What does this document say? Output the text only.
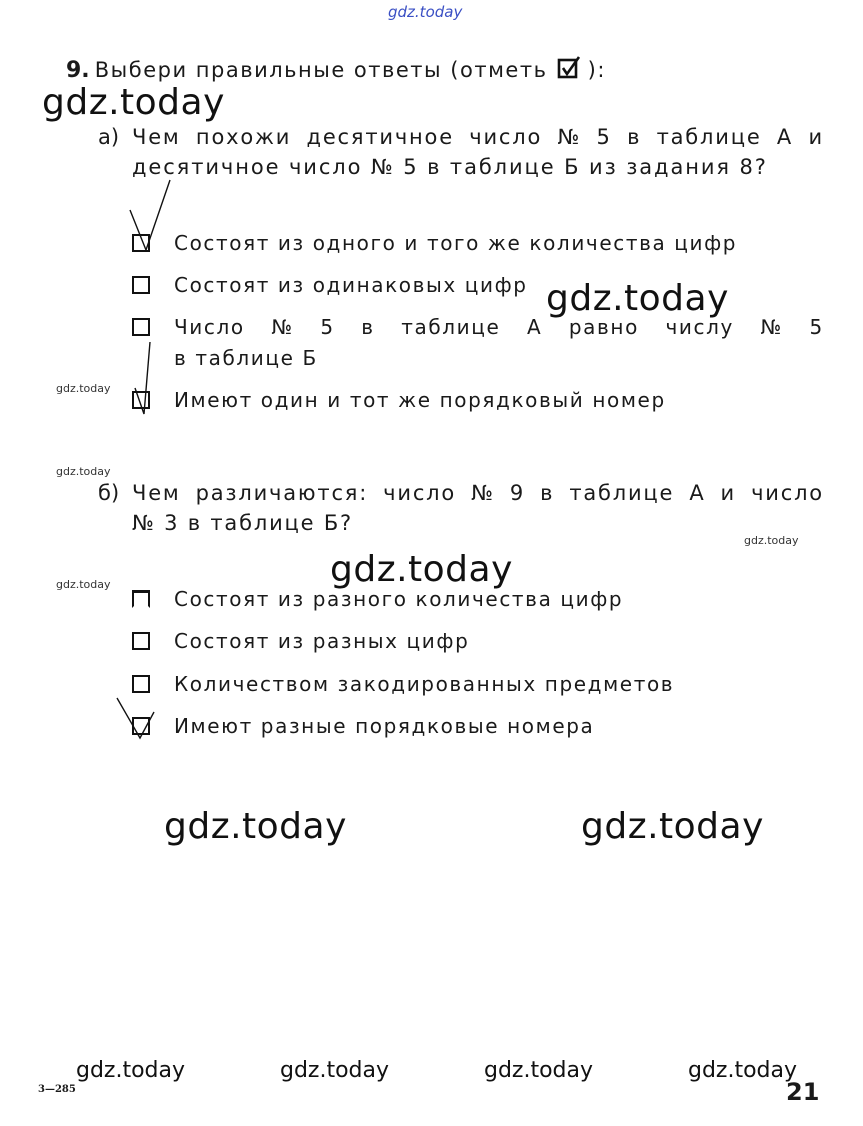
gdz.today
9. Выбери правильные ответы (отметь ):
gdz.today
а) Чем похожи десятичное число № 5 в таблице А и
десятичное число № 5 в таблице Б из задания 8?
Состоят из одного и того же количества цифр
Состоят из одинаковых цифр
Число № 5 в таблице А равно числу № 5
в таблице Б
Имеют один и тот же порядковый номер
б) Чем различаются: число № 9 в таблице А и число
№ 3 в таблице Б?
Состоят из разного количества цифр
Состоят из разных цифр
Количеством закодированных предметов
Имеют разные порядковые номера
gdz.today
gdz.today
gdz.today	gdz.today
gdz.today
gdz.today
gdz.today
gdz.today
gdz.today	gdz.today	gdz.today	gdz.today
3—285	21
